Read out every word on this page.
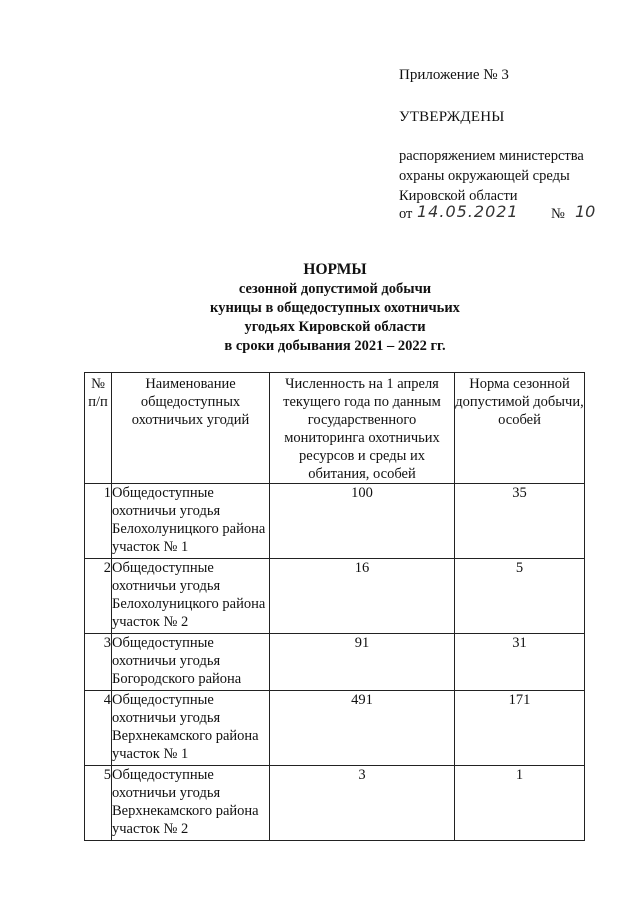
Приложение № 3
УТВЕРЖДЕНЫ
распоряжением министерства
охраны окружающей среды
Кировской области
от 14.05.2021 № 10
НОРМЫ
сезонной допустимой добычи
куницы в общедоступных охотничьих
угодьях Кировской области
в сроки добывания 2021 – 2022 гг.
№ п/п	Наименование общедоступных охотничьих угодий	Численность на 1 апреля текущего года по данным государственного мониторинга охотничьих ресурсов и среды их обитания, особей	Норма сезонной допустимой добычи, особей
1	Общедоступные охотничьи угодья Белохолуницкого района участок № 1	100	35
2	Общедоступные охотничьи угодья Белохолуницкого района участок № 2	16	5
3	Общедоступные охотничьи угодья Богородского района	91	31
4	Общедоступные охотничьи угодья Верхнекамского района участок № 1	491	171
5	Общедоступные охотничьи угодья Верхнекамского района участок № 2	3	1
